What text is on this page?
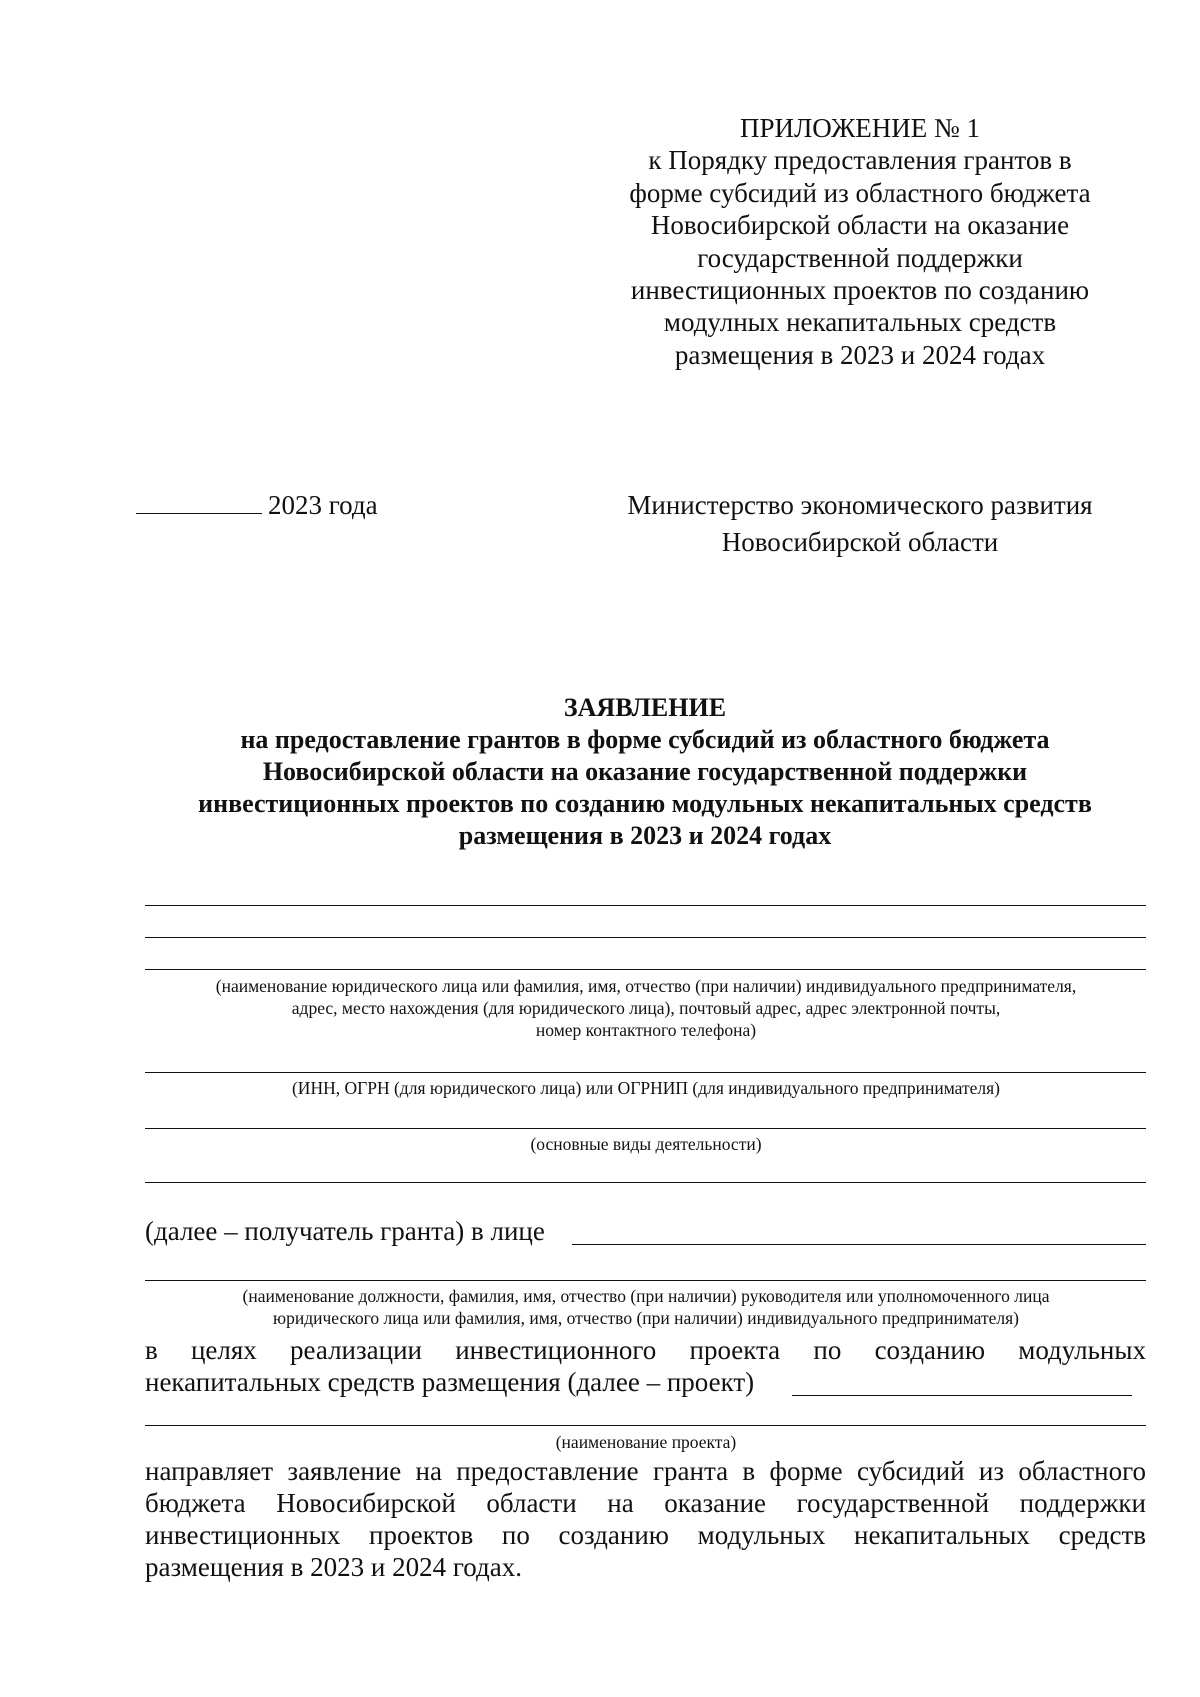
ПРИЛОЖЕНИЕ № 1
к Порядку предоставления грантов в
форме субсидий из областного бюджета
Новосибирской области на оказание
государственной поддержки
инвестиционных проектов по созданию
модулных некапитальных средств
размещения в 2023 и 2024 годах
2023 года	Министерство экономического развития
Новосибирской области
ЗАЯВЛЕНИЕ
на предоставление грантов в форме субсидий из областного бюджета
Новосибирской области на оказание государственной поддержки
инвестиционных проектов по созданию модульных некапитальных средств
размещения в 2023 и 2024 годах
(наименование юридического лица или фамилия, имя, отчество (при наличии) индивидуального предпринимателя,
адрес, место нахождения (для юридического лица), почтовый адрес, адрес электронной почты,
номер контактного телефона)
(ИНН, ОГРН (для юридического лица) или ОГРНИП (для индивидуального предпринимателя)
(основные виды деятельности)
(далее – получатель гранта) в лице
(наименование должности, фамилия, имя, отчество (при наличии) руководителя или уполномоченного лица
юридического лица или фамилия, имя, отчество (при наличии) индивидуального предпринимателя)
в целях реализации инвестиционного проекта по созданию модульных
некапитальных средств размещения (далее – проект)
(наименование проекта)
направляет заявление на предоставление гранта в форме субсидий из областного
бюджета Новосибирской области на оказание государственной поддержки
инвестиционных проектов по созданию модульных некапитальных средств
размещения в 2023 и 2024 годах.
